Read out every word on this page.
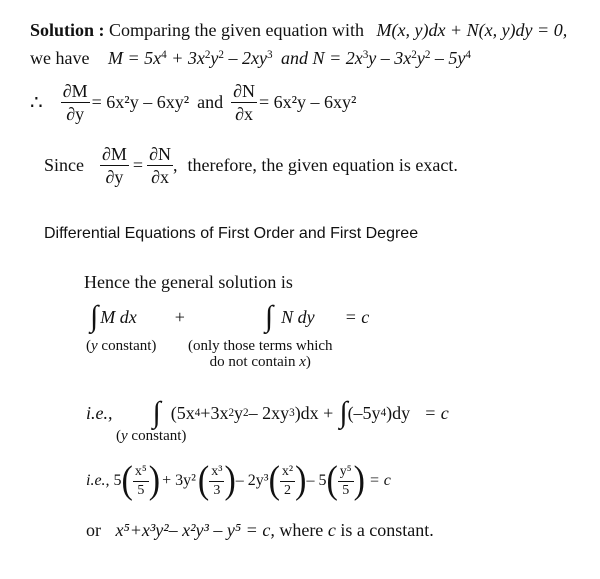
Solution : Comparing the given equation with M(x, y)dx + N(x, y)dy = 0,
we have $M = 5x^4 + 3x^2y^2 - 2xy^3$ and $N = 2x^3y - 3x^2y^2 - 5y^4$
∴ $\frac{\partial M}{\partial y} = 6x^2y - 6xy^2$ and $\frac{\partial N}{\partial x} = 6x^2y - 6xy^2$
Since $\frac{\partial M}{\partial y} = \frac{\partial N}{\partial x}$ , therefore, the given equation is exact.
Differential Equations of First Order and First Degree
Hence the general solution is
∫ M dx +	∫ N dy = c
(y constant) (only those terms which
do not contain x)
i.e., ∫ (5x 4 +3x 2 y 2 – 2xy 3 )dx + ∫ (–5y 4 )dy = c
(y constant)
i.e., 5 ( $\frac{\text{x⁵}}{5}$ ) + 3y² ( $\frac{\text{x³}}{3}$ ) – 2y³ ( $\frac{\text{x²}}{2}$ ) – 5 ( $\frac{\text{y⁵}}{5}$ ) = c
or x⁵+x³y²– x²y³ – y⁵ = c, where c is a constant.
